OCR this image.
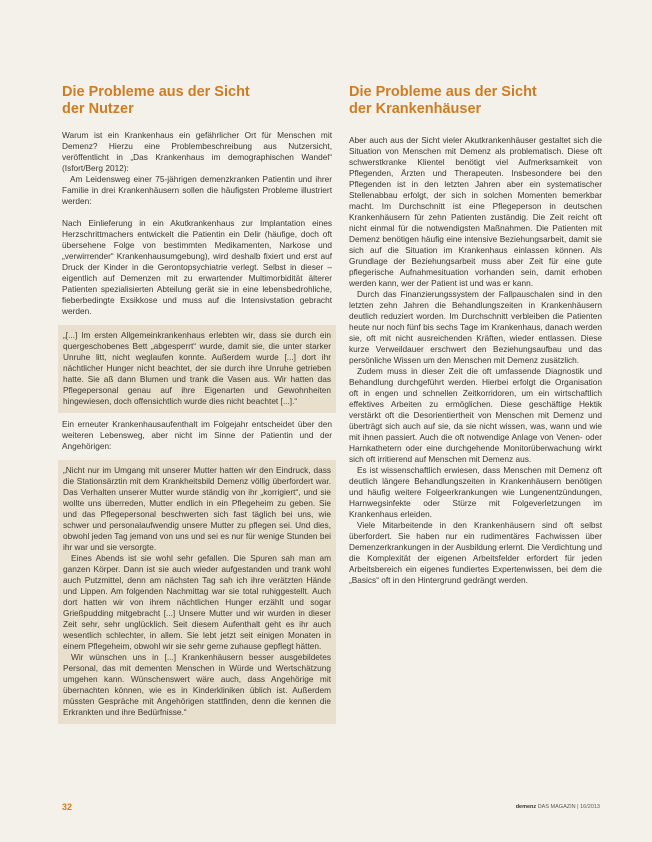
Die Probleme aus der Sicht der Nutzer

Warum ist ein Krankenhaus ein gefährlicher Ort für Menschen mit Demenz? Hierzu eine Problembeschreibung aus Nutzersicht, veröffentlicht in „Das Krankenhaus im demographischen Wandel“ (Isfort/Berg 2012):

Am Leidensweg einer 75-jährigen demenzkranken Patientin und ihrer Familie in drei Krankenhäusern sollen die häufigsten Probleme illustriert werden:

Nach Einlieferung in ein Akutkrankenhaus zur Implantation eines Herzschrittmachers entwickelt die Patientin ein Delir (häufige, doch oft übersehene Folge von bestimmten Medikamenten, Narkose und „verwirrender“ Krankenhausumgebung), wird deshalb fixiert und erst auf Druck der Kinder in die Gerontopsychiatrie verlegt. Selbst in dieser – eigentlich auf Demenzen mit zu erwartender Multimorbidität älterer Patienten spezialisierten Abteilung gerät sie in eine lebensbedrohliche, fieberbedingte Exsikkose und muss auf die Intensivstation gebracht werden.

„[...] Im ersten Allgemeinkrankenhaus erlebten wir, dass sie durch ein quergeschobenes Bett „abgesperrt“ wurde, damit sie, die unter starker Unruhe litt, nicht weglaufen konnte. Außerdem wurde [...] dort ihr nächtlicher Hunger nicht beachtet, der sie durch ihre Unruhe getrieben hatte. Sie aß dann Blumen und trank die Vasen aus. Wir hatten das Pflegepersonal genau auf ihre Eigenarten und Gewohnheiten hingewiesen, doch offensichtlich wurde dies nicht beachtet [...].“

Ein erneuter Krankenhausaufenthalt im Folgejahr entscheidet über den weiteren Lebensweg, aber nicht im Sinne der Patientin und der Angehörigen:

„Nicht nur im Umgang mit unserer Mutter hatten wir den Eindruck, dass die Stationsärztin mit dem Krankheitsbild Demenz völlig überfordert war. Das Verhalten unserer Mutter wurde ständig von ihr „korrigiert“, und sie wollte uns überreden, Mutter endlich in ein Pflegeheim zu geben. Sie und das Pflegepersonal beschwerten sich fast täglich bei uns, wie schwer und personalaufwendig unsere Mutter zu pflegen sei. Und dies, obwohl jeden Tag jemand von uns und sei es nur für wenige Stunden bei ihr war und sie versorgte.

Eines Abends ist sie wohl sehr gefallen. Die Spuren sah man am ganzen Körper. Dann ist sie auch wieder aufgestanden und trank wohl auch Putzmittel, denn am nächsten Tag sah ich ihre verätzten Hände und Lippen. Am folgenden Nachmittag war sie total ruhiggestellt. Auch dort hatten wir von ihrem nächtlichen Hunger erzählt und sogar Grießpudding mitgebracht [...] Unsere Mutter und wir wurden in dieser Zeit sehr, sehr unglücklich. Seit diesem Aufenthalt geht es ihr auch wesentlich schlechter, in allem. Sie lebt jetzt seit einigen Monaten in einem Pflegeheim, obwohl wir sie sehr gerne zuhause gepflegt hätten.

Wir wünschen uns in [...] Krankenhäusern besser ausgebildetes Personal, das mit dementen Menschen in Würde und Wertschätzung umgehen kann. Wünschenswert wäre auch, dass Angehörige mit übernachten können, wie es in Kinderkliniken üblich ist. Außerdem müssten Gespräche mit Angehörigen stattfinden, denn die kennen die Erkrankten und ihre Bedürfnisse.“

Die Probleme aus der Sicht der Krankenhäuser

Aber auch aus der Sicht vieler Akutkrankenhäuser gestaltet sich die Situation von Menschen mit Demenz als problematisch. Diese oft schwerstkranke Klientel benötigt viel Aufmerksamkeit von Pflegenden, Ärzten und Therapeuten. Insbesondere bei den Pflegenden ist in den letzten Jahren aber ein systematischer Stellenabbau erfolgt, der sich in solchen Momenten bemerkbar macht. Im Durchschnitt ist eine Pflegeperson in deutschen Krankenhäusern für zehn Patienten zuständig. Die Zeit reicht oft nicht einmal für die notwendigsten Maßnahmen. Die Patienten mit Demenz benötigen häufig eine intensive Beziehungsarbeit, damit sie sich auf die Situation im Krankenhaus einlassen können. Als Grundlage der Beziehungsarbeit muss aber Zeit für eine gute pflegerische Aufnahmesituation vorhanden sein, damit erhoben werden kann, wer der Patient ist und was er kann.

Durch das Finanzierungssystem der Fallpauschalen sind in den letzten zehn Jahren die Behandlungszeiten in Krankenhäusern deutlich reduziert worden. Im Durchschnitt verbleiben die Patienten heute nur noch fünf bis sechs Tage im Krankenhaus, danach werden sie, oft mit nicht ausreichenden Kräften, wieder entlassen. Diese kurze Verweildauer erschwert den Beziehungsaufbau und das persönliche Wissen um den Menschen mit Demenz zusätzlich.

Zudem muss in dieser Zeit die oft umfassende Diagnostik und Behandlung durchgeführt werden. Hierbei erfolgt die Organisation oft in engen und schnellen Zeitkorridoren, um ein wirtschaftlich effektives Arbeiten zu ermöglichen. Diese geschäftige Hektik verstärkt oft die Desorientiertheit von Menschen mit Demenz und überträgt sich auch auf sie, da sie nicht wissen, was, wann und wie mit ihnen passiert. Auch die oft notwendige Anlage von Venen- oder Harnkathetern oder eine durchgehende Monitorüberwachung wirkt sich oft irritierend auf Menschen mit Demenz aus.

Es ist wissenschaftlich erwiesen, dass Menschen mit Demenz oft deutlich längere Behandlungszeiten in Krankenhäusern benötigen und häufig weitere Folgeerkrankungen wie Lungenentzündungen, Harnwegsinfekte oder Stürze mit Folgeverletzungen im Krankenhaus erleiden.

Viele Mitarbeitende in den Krankenhäusern sind oft selbst überfordert. Sie haben nur ein rudimentäres Fachwissen über Demenzerkrankungen in der Ausbildung erlernt. Die Verdichtung und die Komplexität der eigenen Arbeitsfelder erfordert für jeden Arbeitsbereich ein eigenes fundiertes Expertenwissen, bei dem die „Basics“ oft in den Hintergrund gedrängt werden.

32	demenz DAS MAGAZIN | 16/2013
